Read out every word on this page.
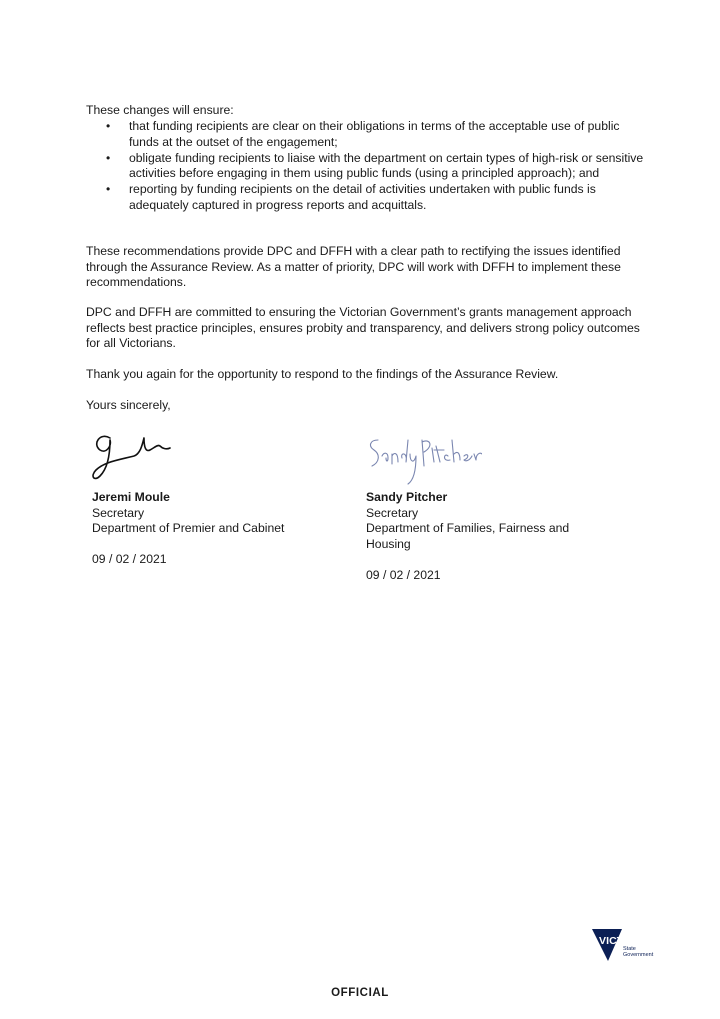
These changes will ensure:

• that funding recipients are clear on their obligations in terms of the acceptable use of public funds at the outset of the engagement;
• obligate funding recipients to liaise with the department on certain types of high-risk or sensitive activities before engaging in them using public funds (using a principled approach); and
• reporting by funding recipients on the detail of activities undertaken with public funds is adequately captured in progress reports and acquittals.

These recommendations provide DPC and DFFH with a clear path to rectifying the issues identified through the Assurance Review. As a matter of priority, DPC will work with DFFH to implement these recommendations.

DPC and DFFH are committed to ensuring the Victorian Government’s grants management approach reflects best practice principles, ensures probity and transparency, and delivers strong policy outcomes for all Victorians.

Thank you again for the opportunity to respond to the findings of the Assurance Review.

Yours sincerely,

Jeremi Moule
Secretary
Department of Premier and Cabinet
09 / 02 / 2021
Sandy Pitcher
Secretary
Department of Families, Fairness and Housing
09 / 02 / 2021
VICTORIA
State
Government
OFFICIAL
